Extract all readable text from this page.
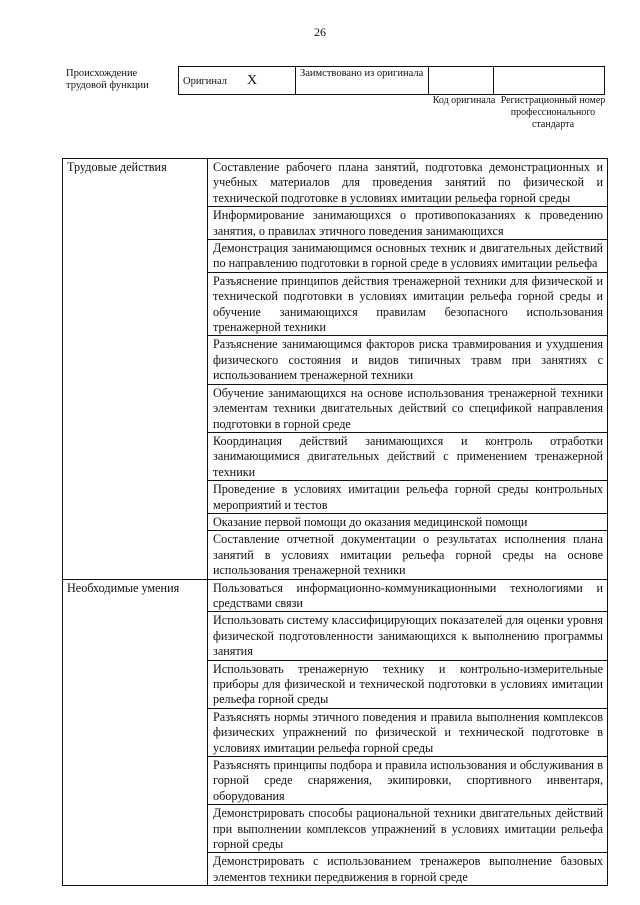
26
Происхождение трудовой функции	Оригинал X	Заимствовано из оригинала		
Код оригинала Регистрационный номер профессионального стандарта
Трудовые действия	Составление рабочего плана занятий, подготовка демонстрационных и учебных материалов для проведения занятий по физической и технической подготовке в условиях имитации рельефа горной среды
	Информирование занимающихся о противопоказаниях к проведению занятия, о правилах этичного поведения занимающихся
	Демонстрация занимающимся основных техник и двигательных действий по направлению подготовки в горной среде в условиях имитации рельефа
	Разъяснение принципов действия тренажерной техники для физической и технической подготовки в условиях имитации рельефа горной среды и обучение занимающихся правилам безопасного использования тренажерной техники
	Разъяснение занимающимся факторов риска травмирования и ухудшения физического состояния и видов типичных травм при занятиях с использованием тренажерной техники
	Обучение занимающихся на основе использования тренажерной техники элементам техники двигательных действий со спецификой направления подготовки в горной среде
	Координация действий занимающихся и контроль отработки занимающимися двигательных действий с применением тренажерной техники
	Проведение в условиях имитации рельефа горной среды контрольных мероприятий и тестов
	Оказание первой помощи до оказания медицинской помощи
	Составление отчетной документации о результатах исполнения плана занятий в условиях имитации рельефа горной среды на основе использования тренажерной техники
Необходимые умения	Пользоваться информационно-коммуникационными технологиями и средствами связи
	Использовать систему классифицирующих показателей для оценки уровня физической подготовленности занимающихся к выполнению программы занятия
	Использовать тренажерную технику и контрольно-измерительные приборы для физической и технической подготовки в условиях имитации рельефа горной среды
	Разъяснять нормы этичного поведения и правила выполнения комплексов физических упражнений по физической и технической подготовке в условиях имитации рельефа горной среды
	Разъяснять принципы подбора и правила использования и обслуживания в горной среде снаряжения, экипировки, спортивного инвентаря, оборудования
	Демонстрировать способы рациональной техники двигательных действий при выполнении комплексов упражнений в условиях имитации рельефа горной среды
	Демонстрировать с использованием тренажеров выполнение базовых элементов техники передвижения в горной среде
